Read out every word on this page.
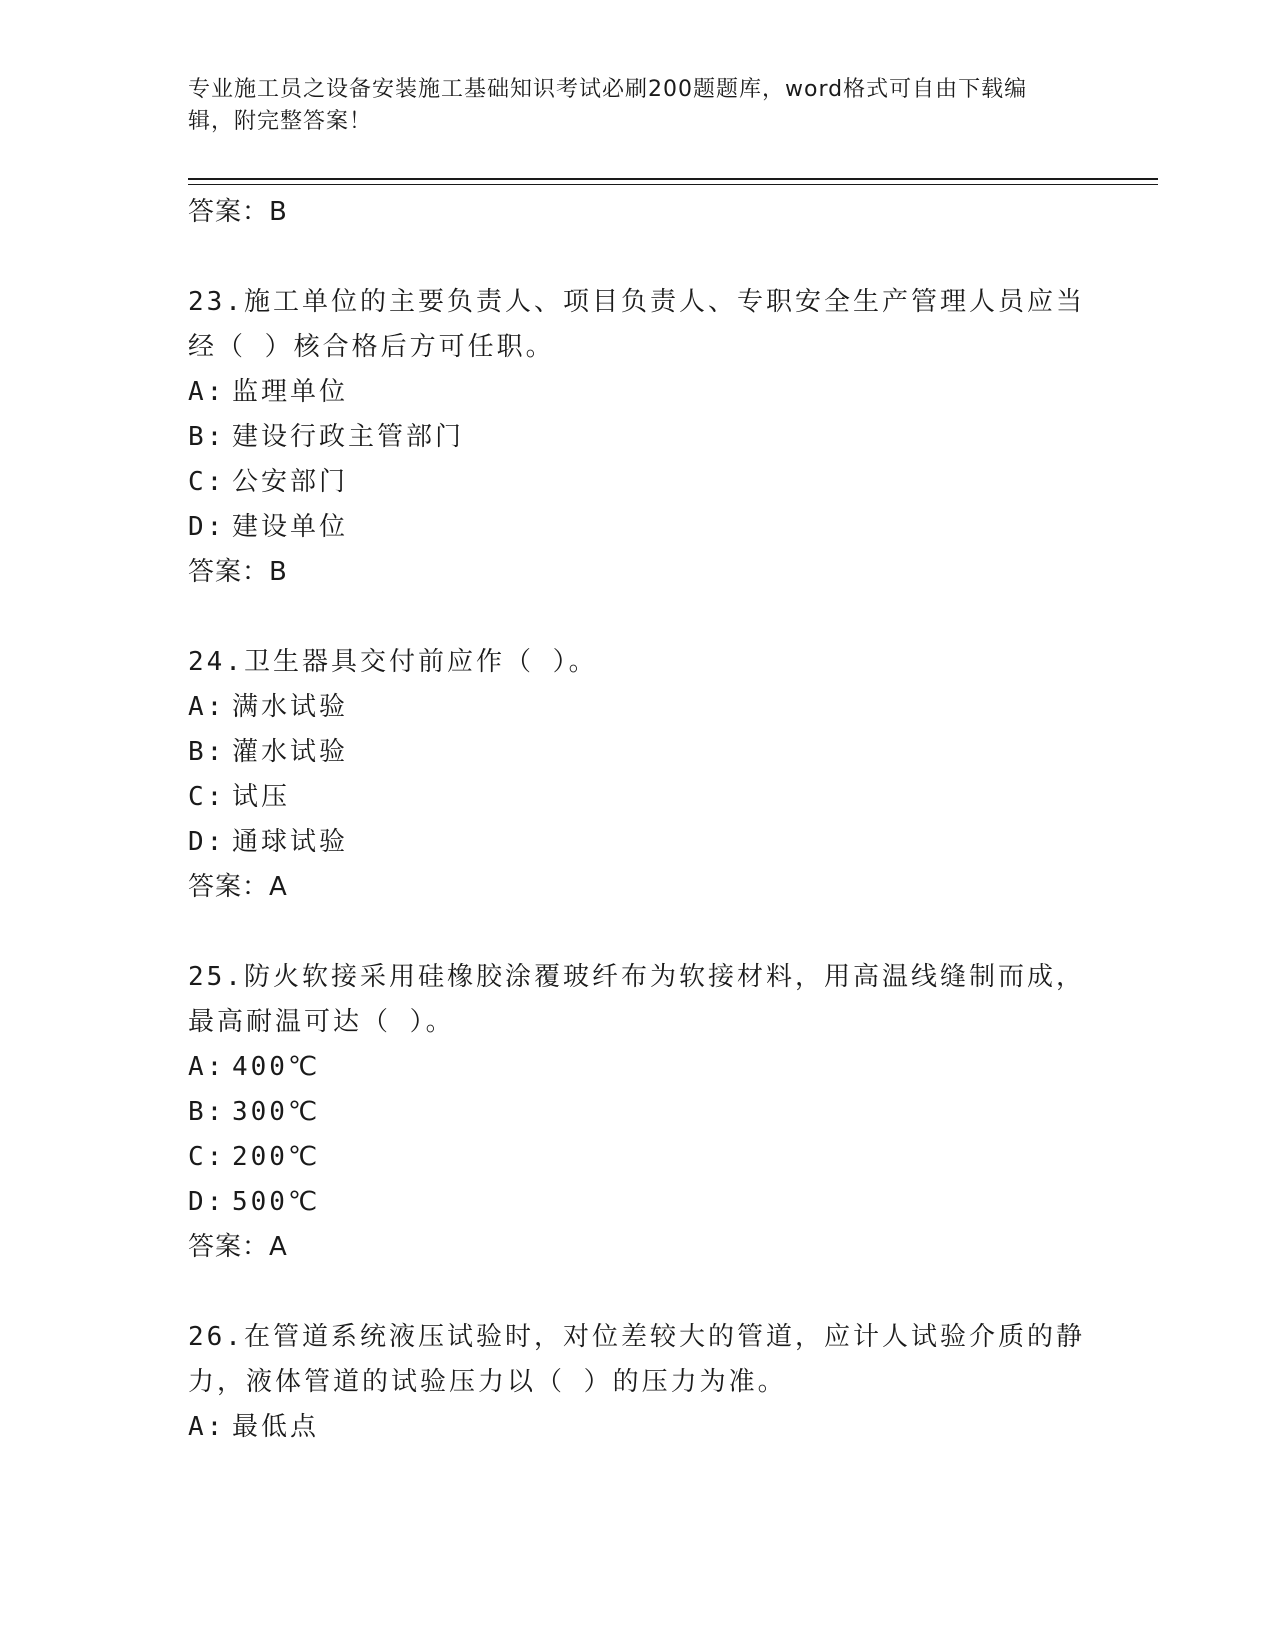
专业施工员之设备安装施工基础知识考试必刷200题题库，word格式可自由下载编辑，附完整答案！
答案：B
23.施工单位的主要负责人、项目负责人、专职安全生产管理人员应当经（ ）核合格后方可任职。
A: 监理单位
B: 建设行政主管部门
C: 公安部门
D: 建设单位
答案：B
24.卫生器具交付前应作（ ）。
A: 满水试验
B: 灌水试验
C: 试压
D: 通球试验
答案：A
25.防火软接采用硅橡胶涂覆玻纤布为软接材料，用高温线缝制而成，最高耐温可达（ ）。
A: 400℃
B: 300℃
C: 200℃
D: 500℃
答案：A
26.在管道系统液压试验时，对位差较大的管道，应计人试验介质的静力，液体管道的试验压力以（ ）的压力为准。
A: 最低点
